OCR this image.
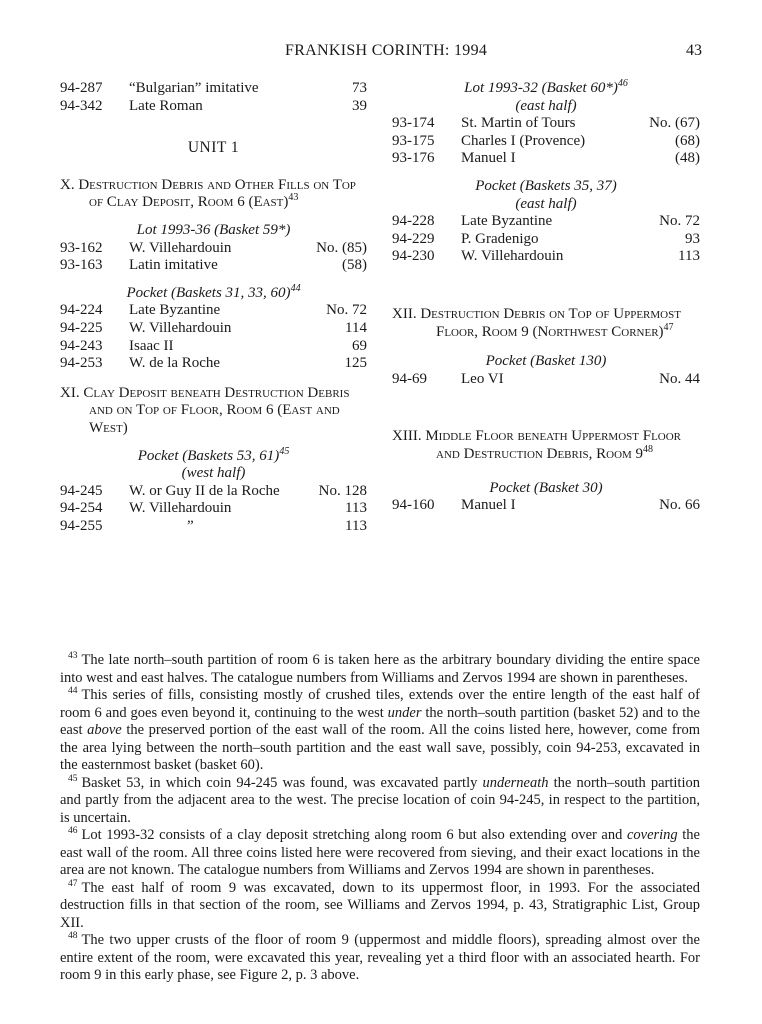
FRANKISH CORINTH: 1994	43
94-287	“Bulgarian” imitative	73
94-342	Late Roman	39
UNIT 1
X. Destruction Debris and Other Fills on Top
of Clay Deposit, Room 6 (East)$^{43}$
Lot 1993-36 (Basket 59*)
93-162	W. Villehardouin	No. (85)
93-163	Latin imitative	(58)
Pocket (Baskets 31, 33, 60)$^{44}$
94-224	Late Byzantine	No. 72
94-225	W. Villehardouin	114
94-243	Isaac II	69
94-253	W. de la Roche	125
XI. Clay Deposit beneath Destruction Debris
and on Top of Floor, Room 6 (East and
West)
Pocket (Baskets 53, 61)$^{45}$
(west half)
94-245	W. or Guy II de la Roche	No. 128
94-254	W. Villehardouin	113
94-255	”	113
Lot 1993-32 (Basket 60*)$^{46}$
(east half)
93-174	St. Martin of Tours	No. (67)
93-175	Charles I (Provence)	(68)
93-176	Manuel I	(48)
Pocket (Baskets 35, 37)
(east half)
94-228	Late Byzantine	No. 72
94-229	P. Gradenigo	93
94-230	W. Villehardouin	113
XII. Destruction Debris on Top of Uppermost
Floor, Room 9 (Northwest Corner)$^{47}$
Pocket (Basket 130)
94-69	Leo VI	No. 44
XIII. Middle Floor beneath Uppermost Floor
and Destruction Debris, Room $9^{48}$
Pocket (Basket 30)
94-160	Manuel I	No. 66

$^{43}$ The late north–south partition of room 6 is taken here as the arbitrary boundary dividing the entire space into west and east halves. The catalogue numbers from Williams and Zervos 1994 are shown in parentheses.

$^{44}$ This series of fills, consisting mostly of crushed tiles, extends over the entire length of the east half of room 6 and goes even beyond it, continuing to the west under the north–south partition (basket 52) and to the east above the preserved portion of the east wall of the room. All the coins listed here, however, come from the area lying between the north–south partition and the east wall save, possibly, coin 94-253, excavated in the easternmost basket (basket 60).

$^{45}$ Basket 53, in which coin 94-245 was found, was excavated partly underneath the north–south partition and partly from the adjacent area to the west. The precise location of coin 94-245, in respect to the partition, is uncertain.

$^{46}$ Lot 1993-32 consists of a clay deposit stretching along room 6 but also extending over and covering the east wall of the room. All three coins listed here were recovered from sieving, and their exact locations in the area are not known. The catalogue numbers from Williams and Zervos 1994 are shown in parentheses.

$^{47}$ The east half of room 9 was excavated, down to its uppermost floor, in 1993. For the associated destruction fills in that section of the room, see Williams and Zervos 1994, p. 43, Stratigraphic List, Group XII.

$^{48}$ The two upper crusts of the floor of room 9 (uppermost and middle floors), spreading almost over the entire extent of the room, were excavated this year, revealing yet a third floor with an associated hearth. For room 9 in this early phase, see Figure 2, p. 3 above.
